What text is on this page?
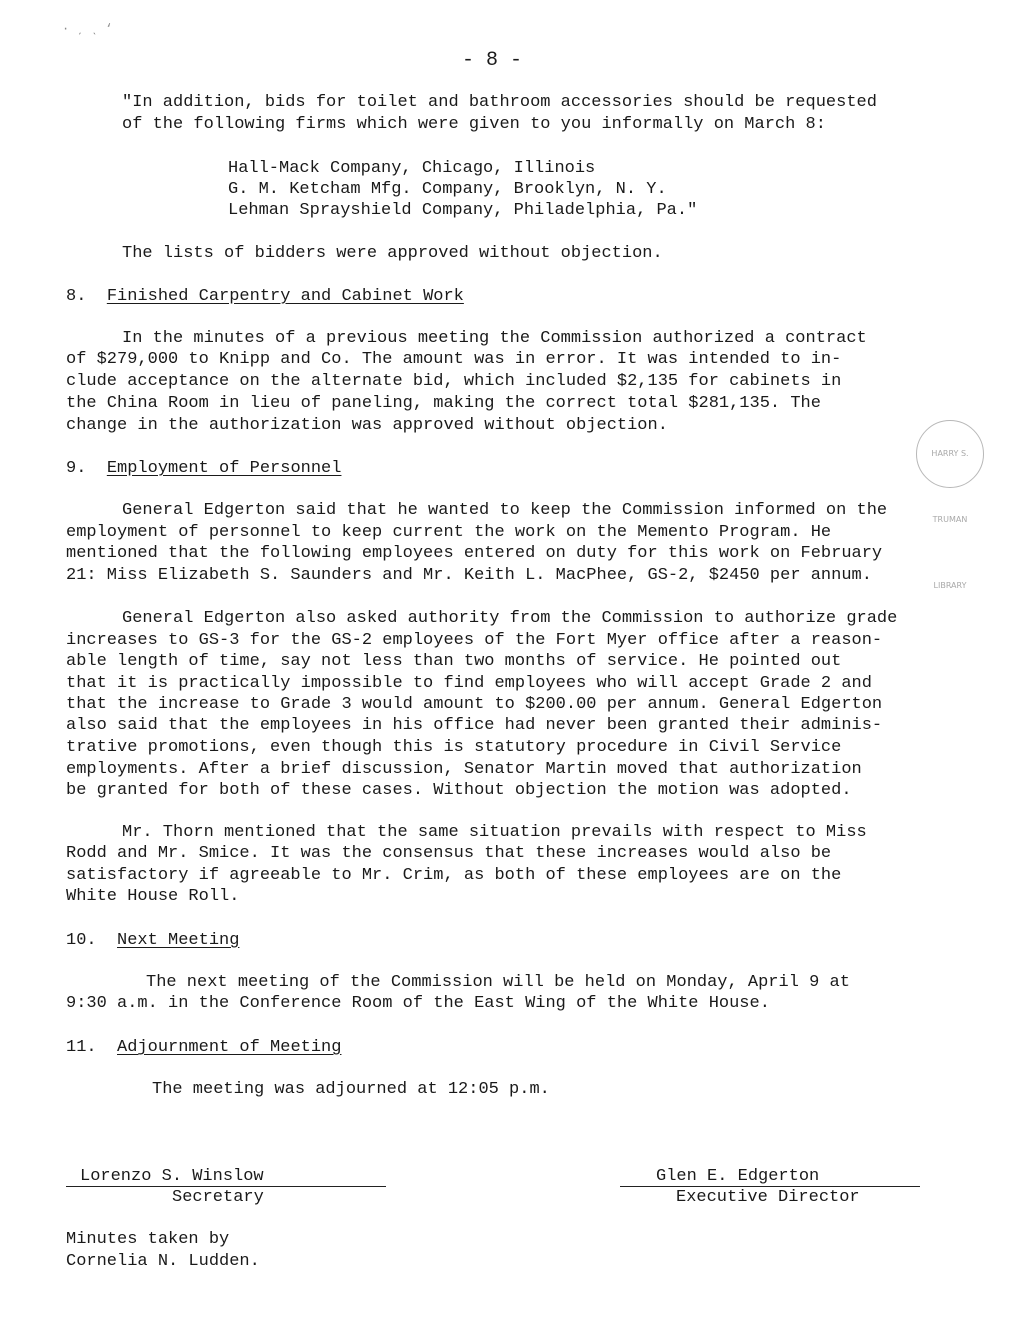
· ˏ ˎ ‘
- 8 -
"In addition, bids for toilet and bathroom accessories should be requested
of the following firms which were given to you informally on March 8:
Hall-Mack Company, Chicago, Illinois
G. M. Ketcham Mfg. Company, Brooklyn, N. Y.
Lehman Sprayshield Company, Philadelphia, Pa."
The lists of bidders were approved without objection.
8. Finished Carpentry and Cabinet Work
In the minutes of a previous meeting the Commission authorized a contract
of $279,000 to Knipp and Co. The amount was in error. It was intended to in-
clude acceptance on the alternate bid, which included $2,135 for cabinets in
the China Room in lieu of paneling, making the correct total $281,135. The
change in the authorization was approved without objection.
HARRY S. TRUMAN LIBRARY
9. Employment of Personnel
General Edgerton said that he wanted to keep the Commission informed on the
employment of personnel to keep current the work on the Memento Program. He
mentioned that the following employees entered on duty for this work on February
21: Miss Elizabeth S. Saunders and Mr. Keith L. MacPhee, GS-2, $2450 per annum.
General Edgerton also asked authority from the Commission to authorize grade
increases to GS-3 for the GS-2 employees of the Fort Myer office after a reason-
able length of time, say not less than two months of service. He pointed out
that it is practically impossible to find employees who will accept Grade 2 and
that the increase to Grade 3 would amount to $200.00 per annum. General Edgerton
also said that the employees in his office had never been granted their adminis-
trative promotions, even though this is statutory procedure in Civil Service
employments. After a brief discussion, Senator Martin moved that authorization
be granted for both of these cases. Without objection the motion was adopted.
Mr. Thorn mentioned that the same situation prevails with respect to Miss
Rodd and Mr. Smice. It was the consensus that these increases would also be
satisfactory if agreeable to Mr. Crim, as both of these employees are on the
White House Roll.
10. Next Meeting
The next meeting of the Commission will be held on Monday, April 9 at
9:30 a.m. in the Conference Room of the East Wing of the White House.
11. Adjournment of Meeting
The meeting was adjourned at 12:05 p.m.
Lorenzo S. Winslow
Secretary
Glen E. Edgerton
Executive Director
Minutes taken by
Cornelia N. Ludden.
